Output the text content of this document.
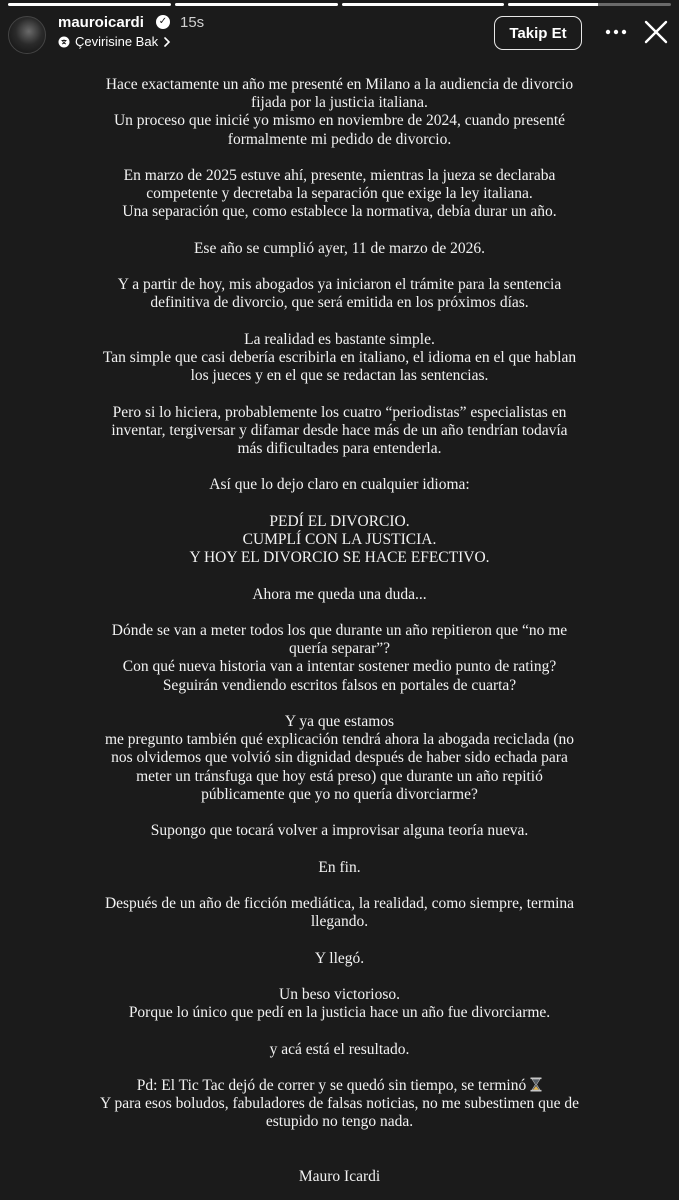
mauroicardi ✓ 15s
Çevirisine Bak	Takip Et
Hace exactamente un año me presenté en Milano a la audiencia de divorcio
fijada por la justicia italiana.
Un proceso que inicié yo mismo en noviembre de 2024, cuando presenté
formalmente mi pedido de divorcio.
En marzo de 2025 estuve ahí, presente, mientras la jueza se declaraba
competente y decretaba la separación que exige la ley italiana.
Una separación que, como establece la normativa, debía durar un año.
Ese año se cumplió ayer, 11 de marzo de 2026.
Y a partir de hoy, mis abogados ya iniciaron el trámite para la sentencia
definitiva de divorcio, que será emitida en los próximos días.
La realidad es bastante simple.
Tan simple que casi debería escribirla en italiano, el idioma en el que hablan
los jueces y en el que se redactan las sentencias.
Pero si lo hiciera, probablemente los cuatro “periodistas” especialistas en
inventar, tergiversar y difamar desde hace más de un año tendrían todavía
más dificultades para entenderla.
Así que lo dejo claro en cualquier idioma:
PEDÍ EL DIVORCIO.
CUMPLÍ CON LA JUSTICIA.
Y HOY EL DIVORCIO SE HACE EFECTIVO.
Ahora me queda una duda...
Dónde se van a meter todos los que durante un año repitieron que “no me
quería separar”?
Con qué nueva historia van a intentar sostener medio punto de rating?
Seguirán vendiendo escritos falsos en portales de cuarta?
Y ya que estamos
me pregunto también qué explicación tendrá ahora la abogada reciclada (no
nos olvidemos que volvió sin dignidad después de haber sido echada para
meter un tránsfuga que hoy está preso) que durante un año repitió
públicamente que yo no quería divorciarme?
Supongo que tocará volver a improvisar alguna teoría nueva.
En fin.
Después de un año de ficción mediática, la realidad, como siempre, termina
llegando.
Y llegó.
Un beso victorioso.
Porque lo único que pedí en la justicia hace un año fue divorciarme.
y acá está el resultado.
Pd: El Tic Tac dejó de correr y se quedó sin tiempo, se terminó
Y para esos boludos, fabuladores de falsas noticias, no me subestimen que de
estupido no tengo nada.
Mauro Icardi
